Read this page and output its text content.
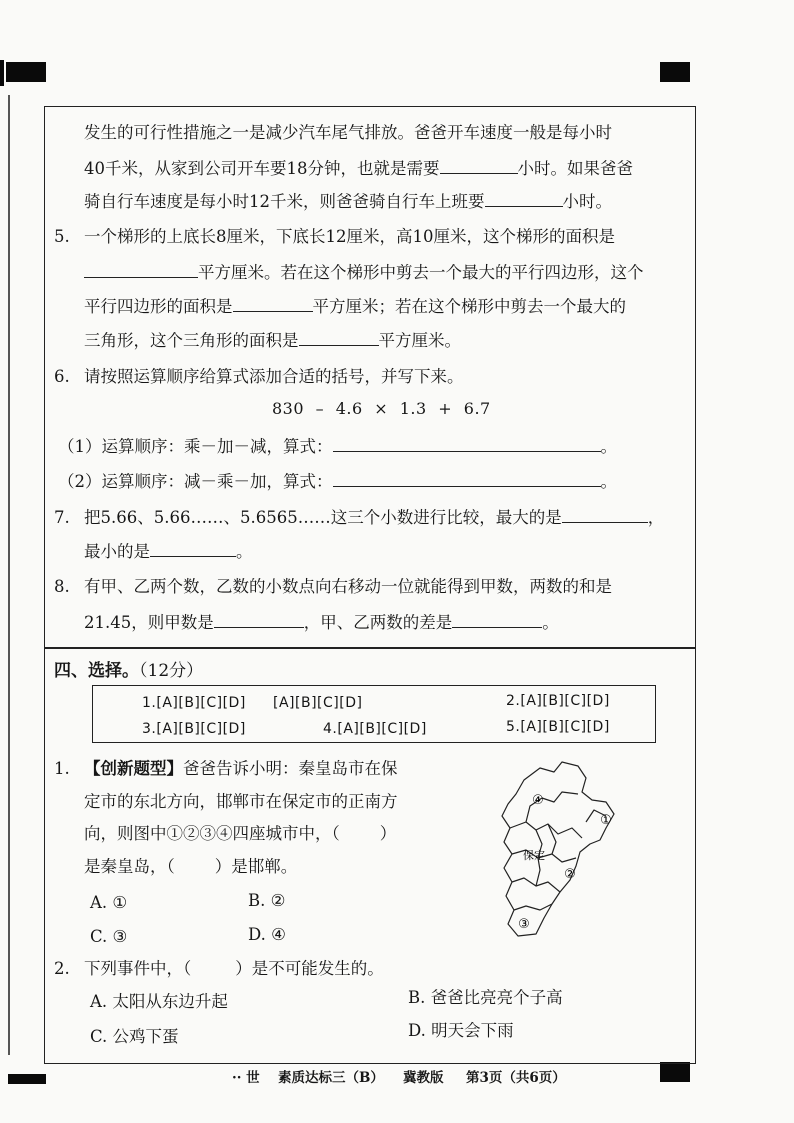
发生的可行性措施之一是减少汽车尾气排放。爸爸开车速度一般是每小时
40千米，从家到公司开车要18分钟，也就是需要	小时。如果爸爸
骑自行车速度是每小时12千米，则爸爸骑自行车上班要	小时。
5. 一个梯形的上底长8厘米，下底长12厘米，高10厘米，这个梯形的面积是
平方厘米。若在这个梯形中剪去一个最大的平行四边形，这个
平行四边形的面积是	平方厘米；若在这个梯形中剪去一个最大的
三角形，这个三角形的面积是	平方厘米。
6. 请按照运算顺序给算式添加合适的括号，并写下来。
830 – 4.6 × 1.3 + 6.7
（1）运算顺序：乘－加－减，算式：	。
（2）运算顺序：减－乘－加，算式：	。
7. 把5.66、5.66……、5.6565……这三个小数进行比较，最大的是	，
最小的是	。
8. 有甲、乙两个数，乙数的小数点向右移动一位就能得到甲数，两数的和是
21.45，则甲数是	，甲、乙两数的差是	。
四、选择。（12分）
1.[A][B][C][D] [A][B][C][D]	2.[A][B][C][D]
3.[A][B][C][D]	4.[A][B][C][D]	5.[A][B][C][D]
1. 【创新题型】爸爸告诉小明：秦皇岛市在保
定市的东北方向，邯郸市在保定市的正南方
向，则图中①②③④四座城市中，（ ）
是秦皇岛，（ ）是邯郸。
A. ①	B. ②
C. ③	D. ④
④
①
保定
②
③
2. 下列事件中，（	）是不可能发生的。
A. 太阳从东边升起	B. 爸爸比亮亮个子高
C. 公鸡下蛋	D. 明天会下雨
·· 世 素质达标三（B） 冀教版 第3页（共6页）
